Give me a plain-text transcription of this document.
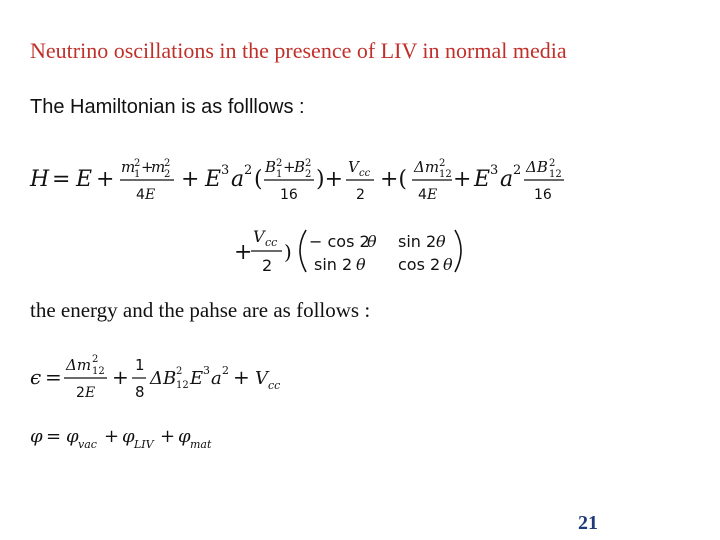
Neutrino oscillations in the presence of LIV in normal media
The Hamiltonian is as folllows :
H = E + m
2
1 +
m
2
2
4 E
+ E 3 a 2 ( B 2
1 +
B 2
2
16
)+ V cc
2
+( Δm 2
12
4 E
+ E 3 a 2 ΔB 2
12
16
+
V cc
2
) − cos 2
θ sin 2 θ
sin 2 θ cos 2 θ
the energy and the pahse are as follows :
ϵ = Δm 2
12
2 E
+ 1
8
ΔB 2
12 E 3 a 2 + V cc
φ = φ vac + φ LIV + φ mat
21
